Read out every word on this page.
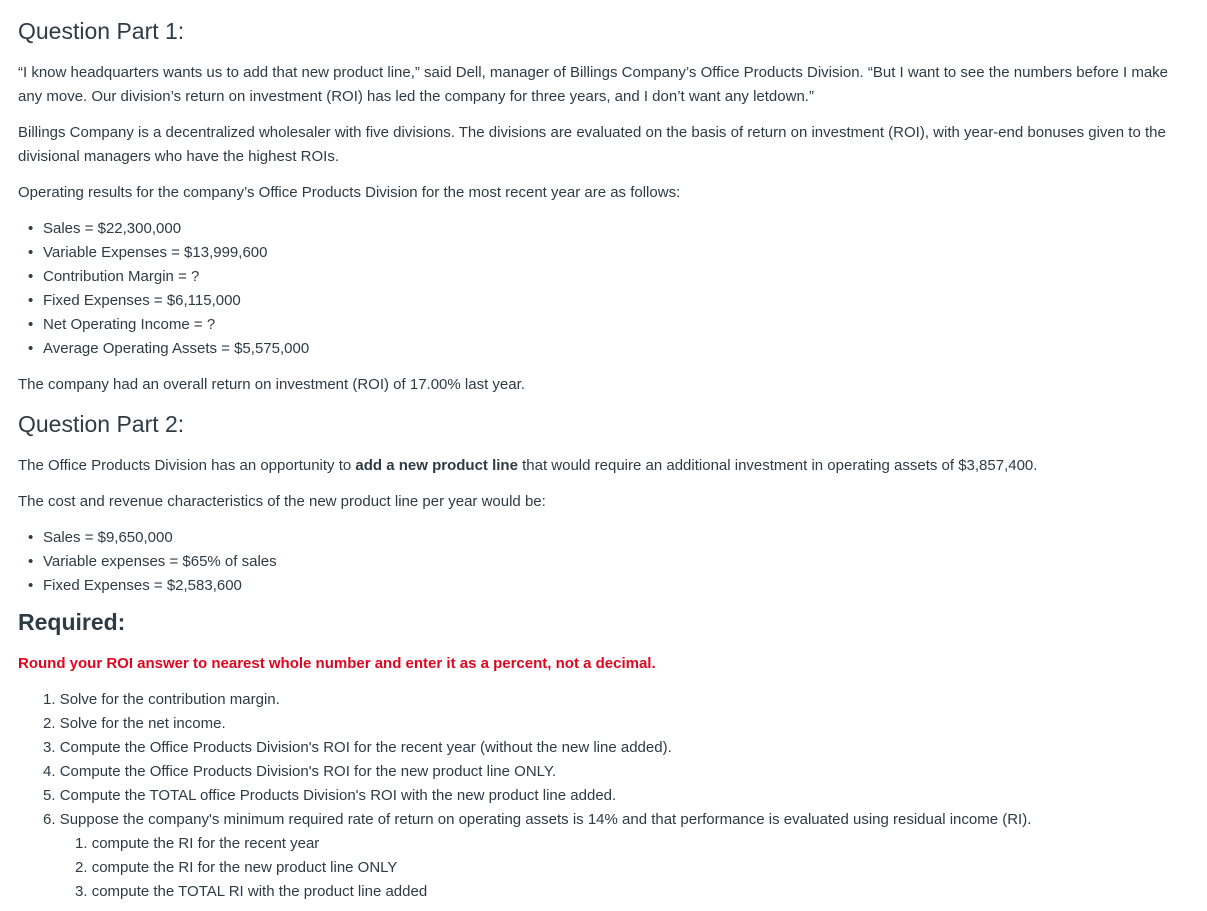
Question Part 1:

“I know headquarters wants us to add that new product line,” said Dell, manager of Billings Company’s Office Products Division. “But I want to see the numbers before I make any move. Our division’s return on investment (ROI) has led the company for three years, and I don’t want any letdown.”

Billings Company is a decentralized wholesaler with five divisions. The divisions are evaluated on the basis of return on investment (ROI), with year-end bonuses given to the divisional managers who have the highest ROIs.

Operating results for the company’s Office Products Division for the most recent year are as follows:

• Sales = $22,300,000
• Variable Expenses = $13,999,600
• Contribution Margin = ?
• Fixed Expenses = $6,115,000
• Net Operating Income = ?
• Average Operating Assets = $5,575,000

The company had an overall return on investment (ROI) of 17.00% last year.

Question Part 2:

The Office Products Division has an opportunity to add a new product line that would require an additional investment in operating assets of $3,857,400.

The cost and revenue characteristics of the new product line per year would be:

• Sales = $9,650,000
• Variable expenses = $65% of sales
• Fixed Expenses = $2,583,600
Required:

Round your ROI answer to nearest whole number and enter it as a percent, not a decimal.

1. Solve for the contribution margin.
2. Solve for the net income.
3. Compute the Office Products Division's ROI for the recent year (without the new line added).
4. Compute the Office Products Division's ROI for the new product line ONLY.
5. Compute the TOTAL office Products Division's ROI with the new product line added.
6. Suppose the company's minimum required rate of return on operating assets is 14% and that performance is evaluated using residual income (RI).
1. compute the RI for the recent year
2. compute the RI for the new product line ONLY
3. compute the TOTAL RI with the product line added
